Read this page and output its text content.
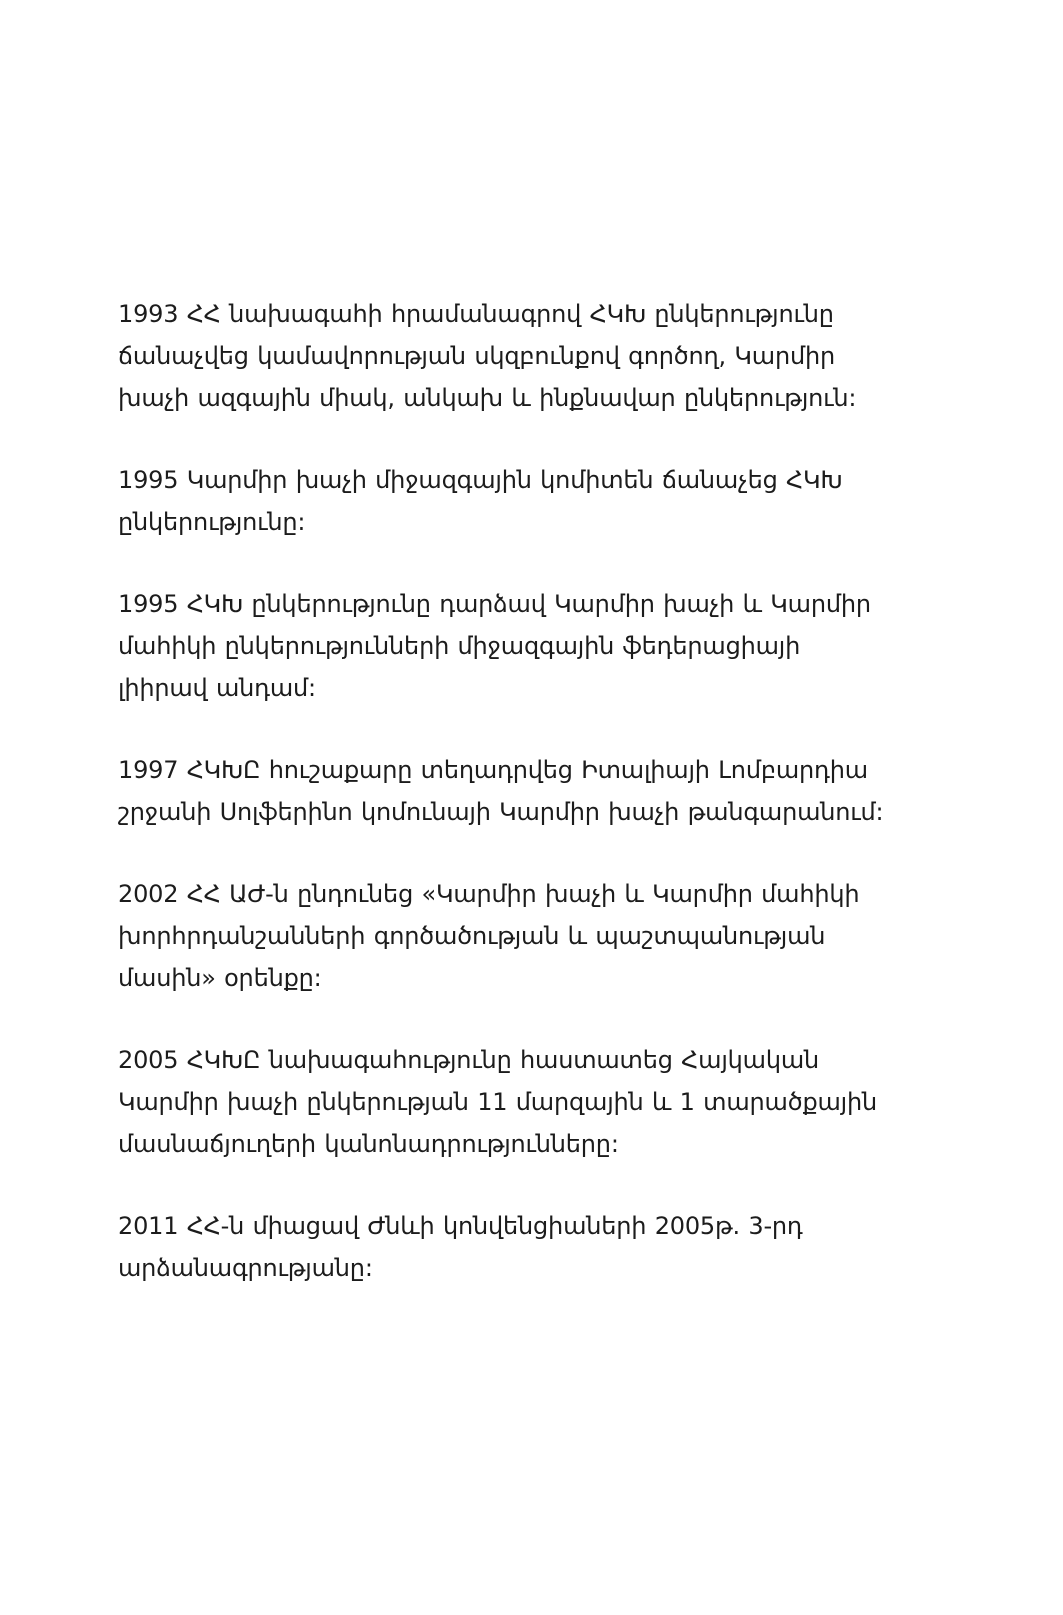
1993 ՀՀ նախագահի հրամանագրով ՀԿԽ ընկերությունը ճանաչվեց կամավորության սկզբունքով գործող, Կարմիր խաչի ազգային միակ, անկախ և ինքնավար ընկերություն:
1995 Կարմիր խաչի միջազգային կոմիտեն ճանաչեց ՀԿԽ ընկերությունը:
1995 ՀԿԽ ընկերությունը դարձավ Կարմիր խաչի և Կարմիր մահիկի ընկերությունների միջազգային ֆեդերացիայի լիիրավ անդամ:
1997 ՀԿԽԸ հուշաքարը տեղադրվեց Իտալիայի Լոմբարդիա շրջանի Սոլֆերինո կոմունայի Կարմիր խաչի թանգարանում:
2002 ՀՀ ԱԺ-ն ընդունեց «Կարմիր խաչի և Կարմիր մահիկի խորհրդանշանների գործածության և պաշտպանության մասին» օրենքը:
2005 ՀԿԽԸ նախագահությունը հաստատեց Հայկական Կարմիր խաչի ընկերության 11 մարզային և 1 տարածքային մասնաճյուղերի կանոնադրությունները:
2011 ՀՀ-ն միացավ Ժնևի կոնվենցիաների 2005թ. 3-րդ արձանագրությանը:
